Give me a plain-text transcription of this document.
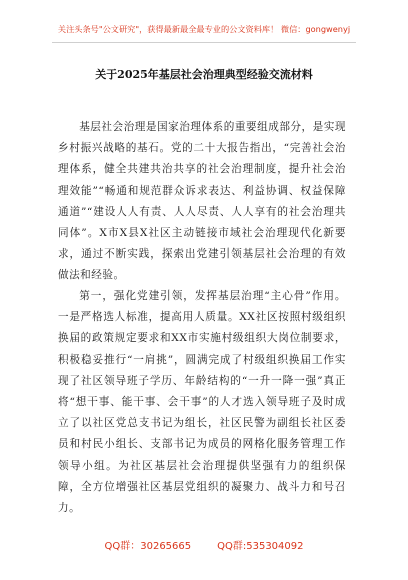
关注头条号"公文研究"，获得最新最全最专业的公文资料库！ 微信：gongwenyj
关于2025年基层社会治理典型经验交流材料

基层社会治理是国家治理体系的重要组成部分，是实现乡村振兴战略的基石。党的二十大报告指出，“完善社会治理体系，健全共建共治共享的社会治理制度，提升社会治理效能”“畅通和规范群众诉求表达、利益协调、权益保障通道”“建设人人有责、人人尽责、人人享有的社会治理共同体”。X市X县X社区主动链接市域社会治理现代化新要求，通过不断实践，探索出党建引领基层社会治理的有效做法和经验。

第一，强化党建引领，发挥基层治理“主心骨”作用。一是严格选人标准，提高用人质量。XX社区按照村级组织换届的政策规定要求和XX市实施村级组织大岗位制要求，积极稳妥推行“一肩挑”，圆满完成了村级组织换届工作实现了社区领导班子学历、年龄结构的“一升一降一强”真正将“想干事、能干事、会干事”的人才选入领导班子及时成立了以社区党总支书记为组长，社区民警为副组长社区委员和村民小组长、支部书记为成员的网格化服务管理工作领导小组。为社区基层社会治理提供坚强有力的组织保障，全方位增强社区基层党组织的凝聚力、战斗力和号召力。

QQ群：30265665	QQ群:535304092
